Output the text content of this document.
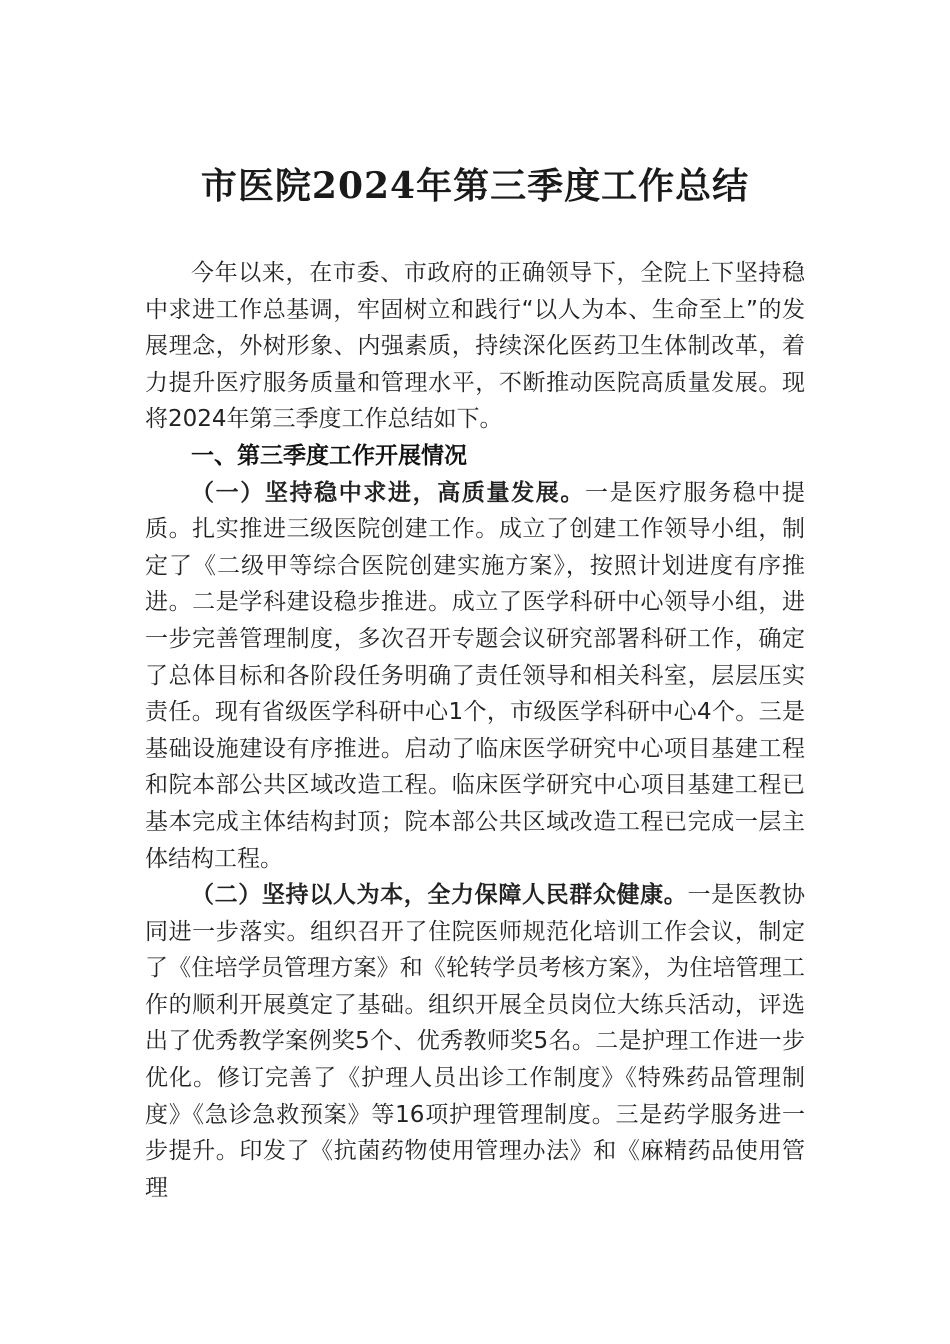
市医院2024年第三季度工作总结

今年以来，在市委、市政府的正确领导下，全院上下坚持稳中求进工作总基调，牢固树立和践行“以人为本、生命至上”的发展理念，外树形象、内强素质，持续深化医药卫生体制改革，着力提升医疗服务质量和管理水平，不断推动医院高质量发展。现将2024年第三季度工作总结如下。

一、第三季度工作开展情况

（一）坚持稳中求进，高质量发展。一是医疗服务稳中提质。扎实推进三级医院创建工作。成立了创建工作领导小组，制定了《二级甲等综合医院创建实施方案》，按照计划进度有序推进。二是学科建设稳步推进。成立了医学科研中心领导小组，进一步完善管理制度，多次召开专题会议研究部署科研工作，确定了总体目标和各阶段任务明确了责任领导和相关科室，层层压实责任。现有省级医学科研中心1个，市级医学科研中心4个。三是基础设施建设有序推进。启动了临床医学研究中心项目基建工程和院本部公共区域改造工程。临床医学研究中心项目基建工程已基本完成主体结构封顶；院本部公共区域改造工程已完成一层主体结构工程。

（二）坚持以人为本，全力保障人民群众健康。一是医教协同进一步落实。组织召开了住院医师规范化培训工作会议，制定了《住培学员管理方案》和《轮转学员考核方案》，为住培管理工作的顺利开展奠定了基础。组织开展全员岗位大练兵活动，评选出了优秀教学案例奖5个、优秀教师奖5名。二是护理工作进一步优化。修订完善了《护理人员出诊工作制度》《特殊药品管理制度》《急诊急救预案》等16项护理管理制度。三是药学服务进一步提升。印发了《抗菌药物使用管理办法》和《麻精药品使用管理
